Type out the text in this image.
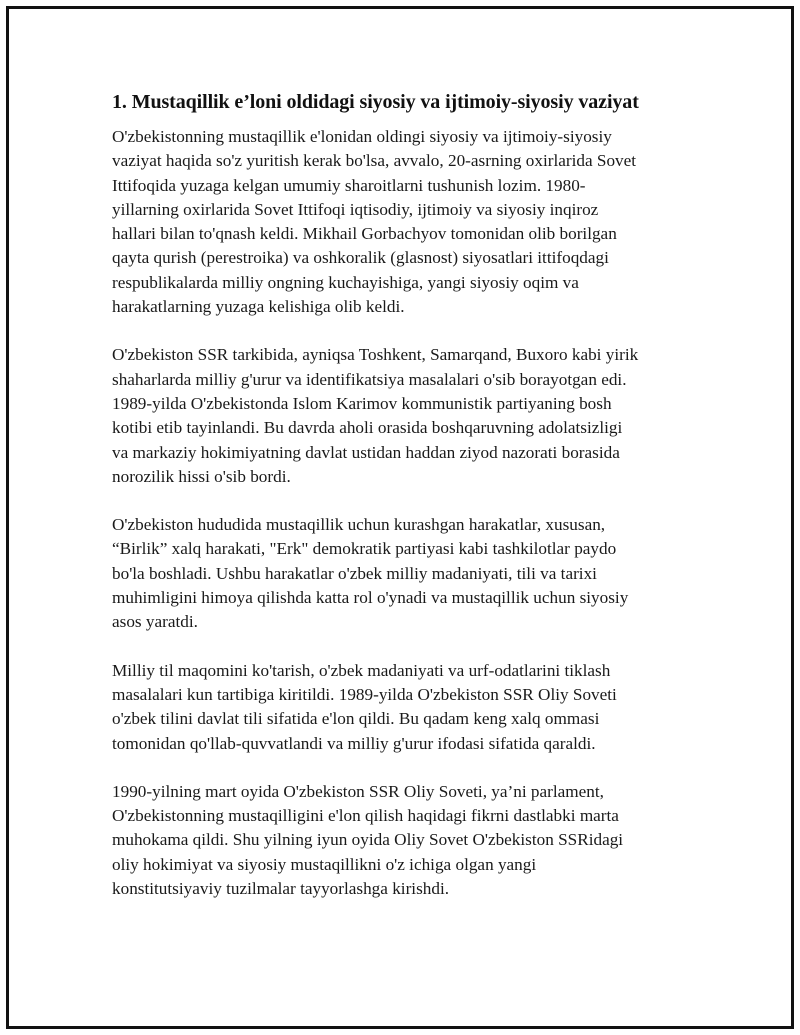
1. Mustaqillik e’loni oldidagi siyosiy va ijtimoiy-siyosiy vaziyat

O'zbekistonning mustaqillik e'lonidan oldingi siyosiy va ijtimoiy-siyosiy
vaziyat haqida so'z yuritish kerak bo'lsa, avvalo, 20-asrning oxirlarida Sovet
Ittifoqida yuzaga kelgan umumiy sharoitlarni tushunish lozim. 1980-
yillarning oxirlarida Sovet Ittifoqi iqtisodiy, ijtimoiy va siyosiy inqiroz
hallari bilan to'qnash keldi. Mikhail Gorbachyov tomonidan olib borilgan
qayta qurish (perestroika) va oshkoralik (glasnost) siyosatlari ittifoqdagi
respublikalarda milliy ongning kuchayishiga, yangi siyosiy oqim va
harakatlarning yuzaga kelishiga olib keldi.

O'zbekiston SSR tarkibida, ayniqsa Toshkent, Samarqand, Buxoro kabi yirik
shaharlarda milliy g'urur va identifikatsiya masalalari o'sib borayotgan edi.
1989-yilda O'zbekistonda Islom Karimov kommunistik partiyaning bosh
kotibi etib tayinlandi. Bu davrda aholi orasida boshqaruvning adolatsizligi
va markaziy hokimiyatning davlat ustidan haddan ziyod nazorati borasida
norozilik hissi o'sib bordi.

O'zbekiston hududida mustaqillik uchun kurashgan harakatlar, xususan,
“Birlik” xalq harakati, "Erk" demokratik partiyasi kabi tashkilotlar paydo
bo'la boshladi. Ushbu harakatlar o'zbek milliy madaniyati, tili va tarixi
muhimligini himoya qilishda katta rol o'ynadi va mustaqillik uchun siyosiy
asos yaratdi.

Milliy til maqomini ko'tarish, o'zbek madaniyati va urf-odatlarini tiklash
masalalari kun tartibiga kiritildi. 1989-yilda O'zbekiston SSR Oliy Soveti
o'zbek tilini davlat tili sifatida e'lon qildi. Bu qadam keng xalq ommasi
tomonidan qo'llab-quvvatlandi va milliy g'urur ifodasi sifatida qaraldi.

1990-yilning mart oyida O'zbekiston SSR Oliy Soveti, ya’ni parlament,
O'zbekistonning mustaqilligini e'lon qilish haqidagi fikrni dastlabki marta
muhokama qildi. Shu yilning iyun oyida Oliy Sovet O'zbekiston SSRidagi
oliy hokimiyat va siyosiy mustaqillikni o'z ichiga olgan yangi
konstitutsiyaviy tuzilmalar tayyorlashga kirishdi.
